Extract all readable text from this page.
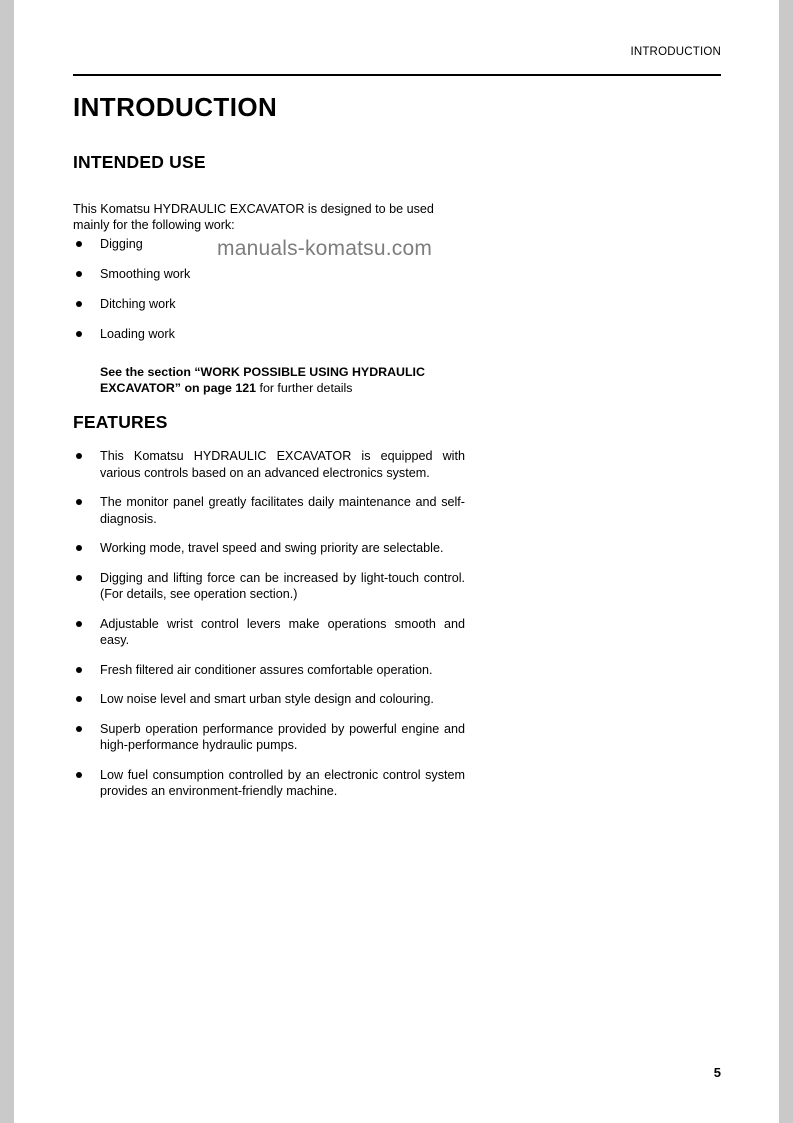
INTRODUCTION
INTRODUCTION
INTENDED USE

This Komatsu HYDRAULIC EXCAVATOR is designed to be used mainly for the following work:

Digging
Smoothing work
Ditching work
Loading work

See the section “WORK POSSIBLE USING HYDRAULIC EXCAVATOR” on page 121 for further details

FEATURES
This Komatsu HYDRAULIC EXCAVATOR is equipped with various controls based on an advanced electronics system.
The monitor panel greatly facilitates daily maintenance and self-diagnosis.
Working mode, travel speed and swing priority are selectable.
Digging and lifting force can be increased by light-touch control. (For details, see operation section.)
Adjustable wrist control levers make operations smooth and easy.
Fresh filtered air conditioner assures comfortable operation.
Low noise level and smart urban style design and colouring.
Superb operation performance provided by powerful engine and high-performance hydraulic pumps.
Low fuel consumption controlled by an electronic control system provides an environment-friendly machine.
manuals-komatsu.com
5
